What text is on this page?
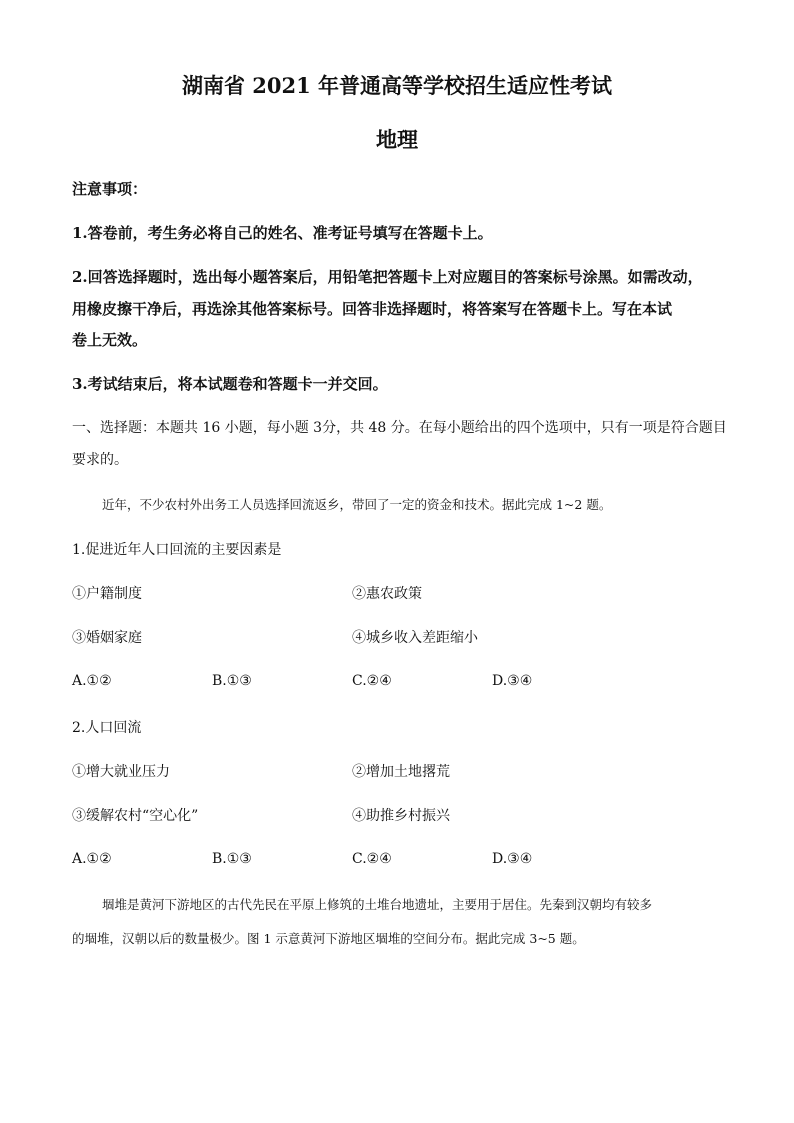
湖南省 2021 年普通高等学校招生适应性考试
地理
注意事项：
1.答卷前，考生务必将自己的姓名、准考证号填写在答题卡上。
2.回答选择题时，选出每小题答案后，用铅笔把答题卡上对应题目的答案标号涂黑。如需改动，
用橡皮擦干净后，再选涂其他答案标号。回答非选择题时，将答案写在答题卡上。写在本试
卷上无效。
3.考试结束后，将本试题卷和答题卡一并交回。
一、选择题：本题共 16 小题，每小题 3分，共 48 分。在每小题给出的四个选项中，只有一项是符合题目
要求的。
近年，不少农村外出务工人员选择回流返乡，带回了一定的资金和技术。据此完成 1~2 题。
1.促进近年人口回流的主要因素是
①户籍制度	②惠农政策
③婚姻家庭	④城乡收入差距缩小
A.①②	B.①③	C.②④	D.③④
2.人口回流
①增大就业压力	②增加土地撂荒
③缓解农村“空心化”	④助推乡村振兴
A.①②	B.①③	C.②④	D.③④
堌堆是黄河下游地区的古代先民在平原上修筑的土堆台地遗址，主要用于居住。先秦到汉朝均有较多
的堌堆，汉朝以后的数量极少。图 1 示意黄河下游地区堌堆的空间分布。据此完成 3~5 题。
